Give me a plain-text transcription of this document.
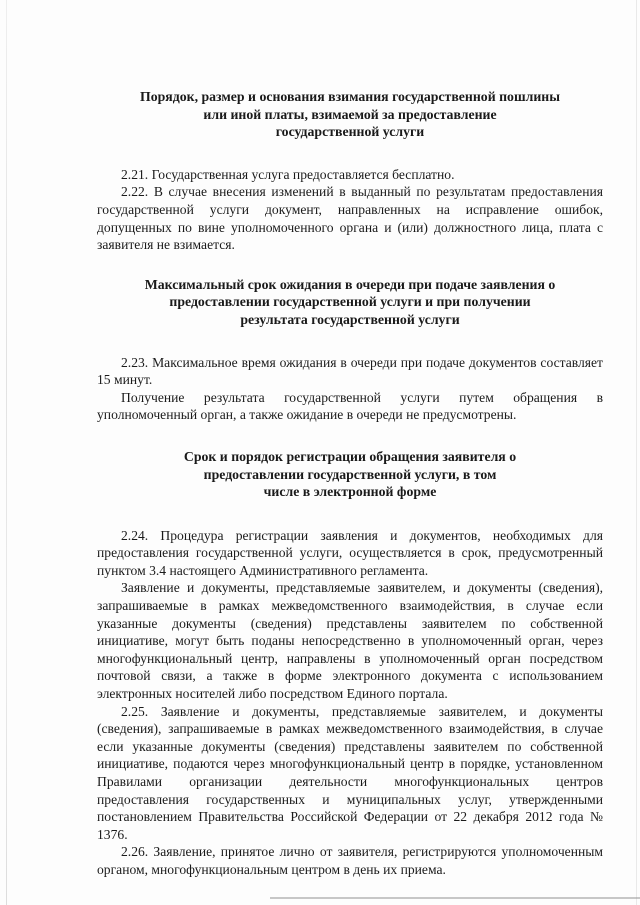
Порядок, размер и основания взимания государственной пошлины
или иной платы, взимаемой за предоставление
государственной услуги

2.21. Государственная услуга предоставляется бесплатно.

2.22. В случае внесения изменений в выданный по результатам предоставления государственной услуги документ, направленных на исправление ошибок, допущенных по вине уполномоченного органа и (или) должностного лица, плата с заявителя не взимается.

Максимальный срок ожидания в очереди при подаче заявления о
предоставлении государственной услуги и при получении
результата государственной услуги

2.23. Максимальное время ожидания в очереди при подаче документов составляет 15 минут.

Получение результата государственной услуги путем обращения в уполномоченный орган, а также ожидание в очереди не предусмотрены.

Срок и порядок регистрации обращения заявителя о
предоставлении государственной услуги, в том
числе в электронной форме

2.24. Процедура регистрации заявления и документов, необходимых для предоставления государственной услуги, осуществляется в срок, предусмотренный пунктом 3.4 настоящего Административного регламента.

Заявление и документы, представляемые заявителем, и документы (сведения), запрашиваемые в рамках межведомственного взаимодействия, в случае если указанные документы (сведения) представлены заявителем по собственной инициативе, могут быть поданы непосредственно в уполномоченный орган, через многофункциональный центр, направлены в уполномоченный орган посредством почтовой связи, а также в форме электронного документа с использованием электронных носителей либо посредством Единого портала.

2.25. Заявление и документы, представляемые заявителем, и документы (сведения), запрашиваемые в рамках межведомственного взаимодействия, в случае если указанные документы (сведения) представлены заявителем по собственной инициативе, подаются через многофункциональный центр в порядке, установленном Правилами организации деятельности многофункциональных центров предоставления государственных и муниципальных услуг, утвержденными постановлением Правительства Российской Федерации от 22 декабря 2012 года № 1376.

2.26. Заявление, принятое лично от заявителя, регистрируются уполномоченным органом, многофункциональным центром в день их приема.
